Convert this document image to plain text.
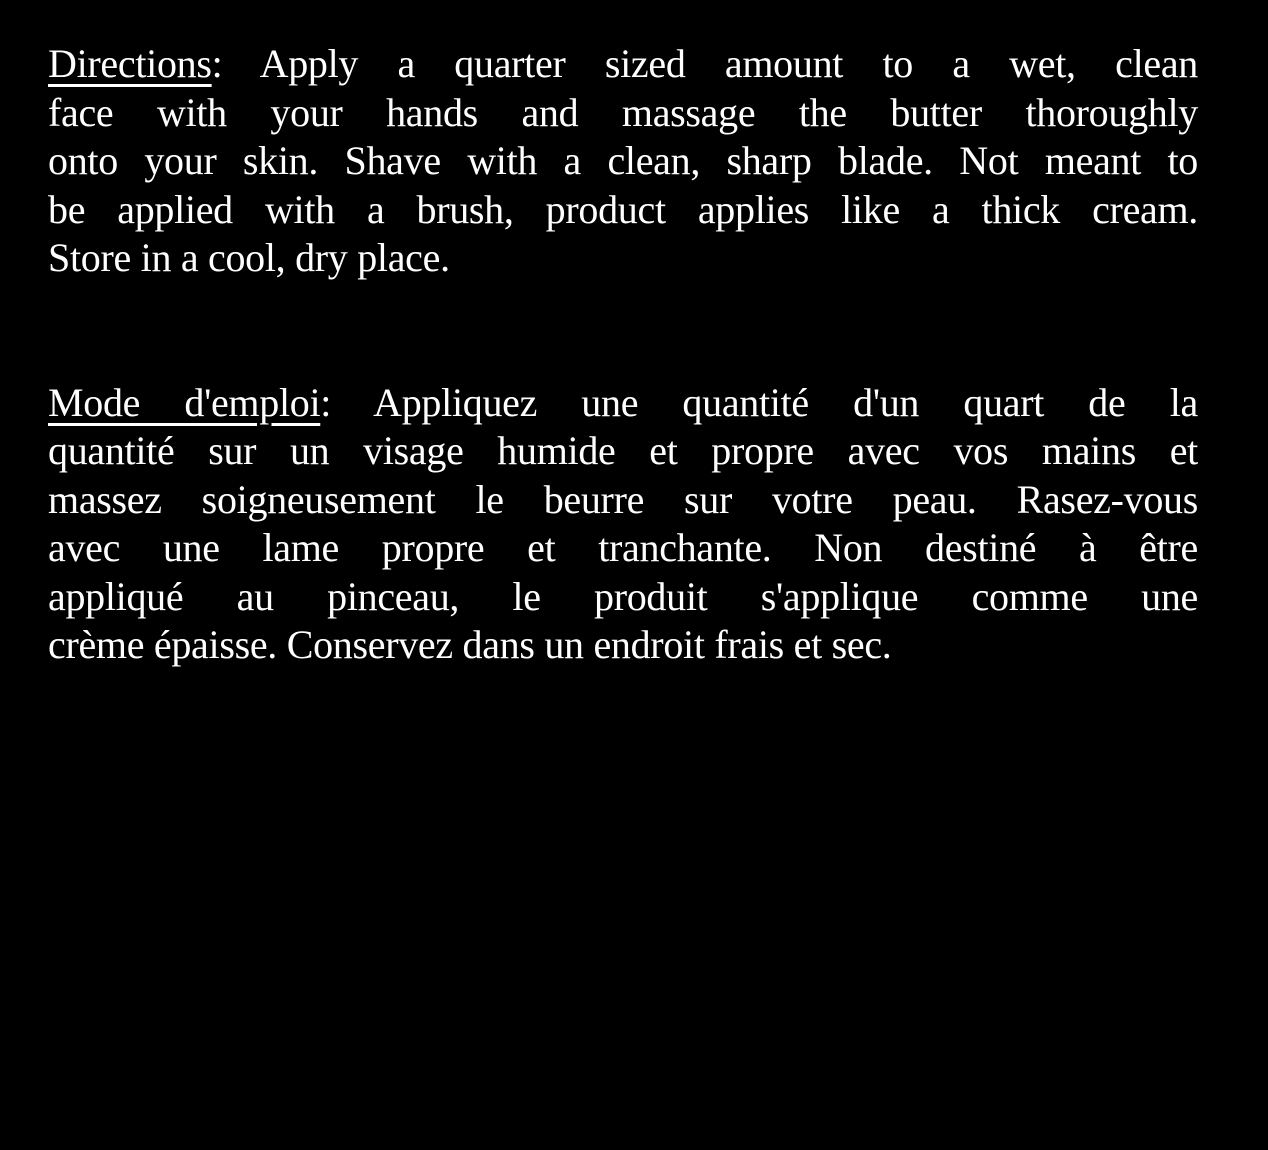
Directions: Apply a quarter sized amount to a wet, clean
face with your hands and massage the butter thoroughly
onto your skin. Shave with a clean, sharp blade. Not meant to
be applied with a brush, product applies like a thick cream.
Store in a cool, dry place.
Mode d'emploi: Appliquez une quantité d'un quart de la
quantité sur un visage humide et propre avec vos mains et
massez soigneusement le beurre sur votre peau. Rasez-vous
avec une lame propre et tranchante. Non destiné à être
appliqué au pinceau, le produit s'applique comme une
crème épaisse. Conservez dans un endroit frais et sec.
